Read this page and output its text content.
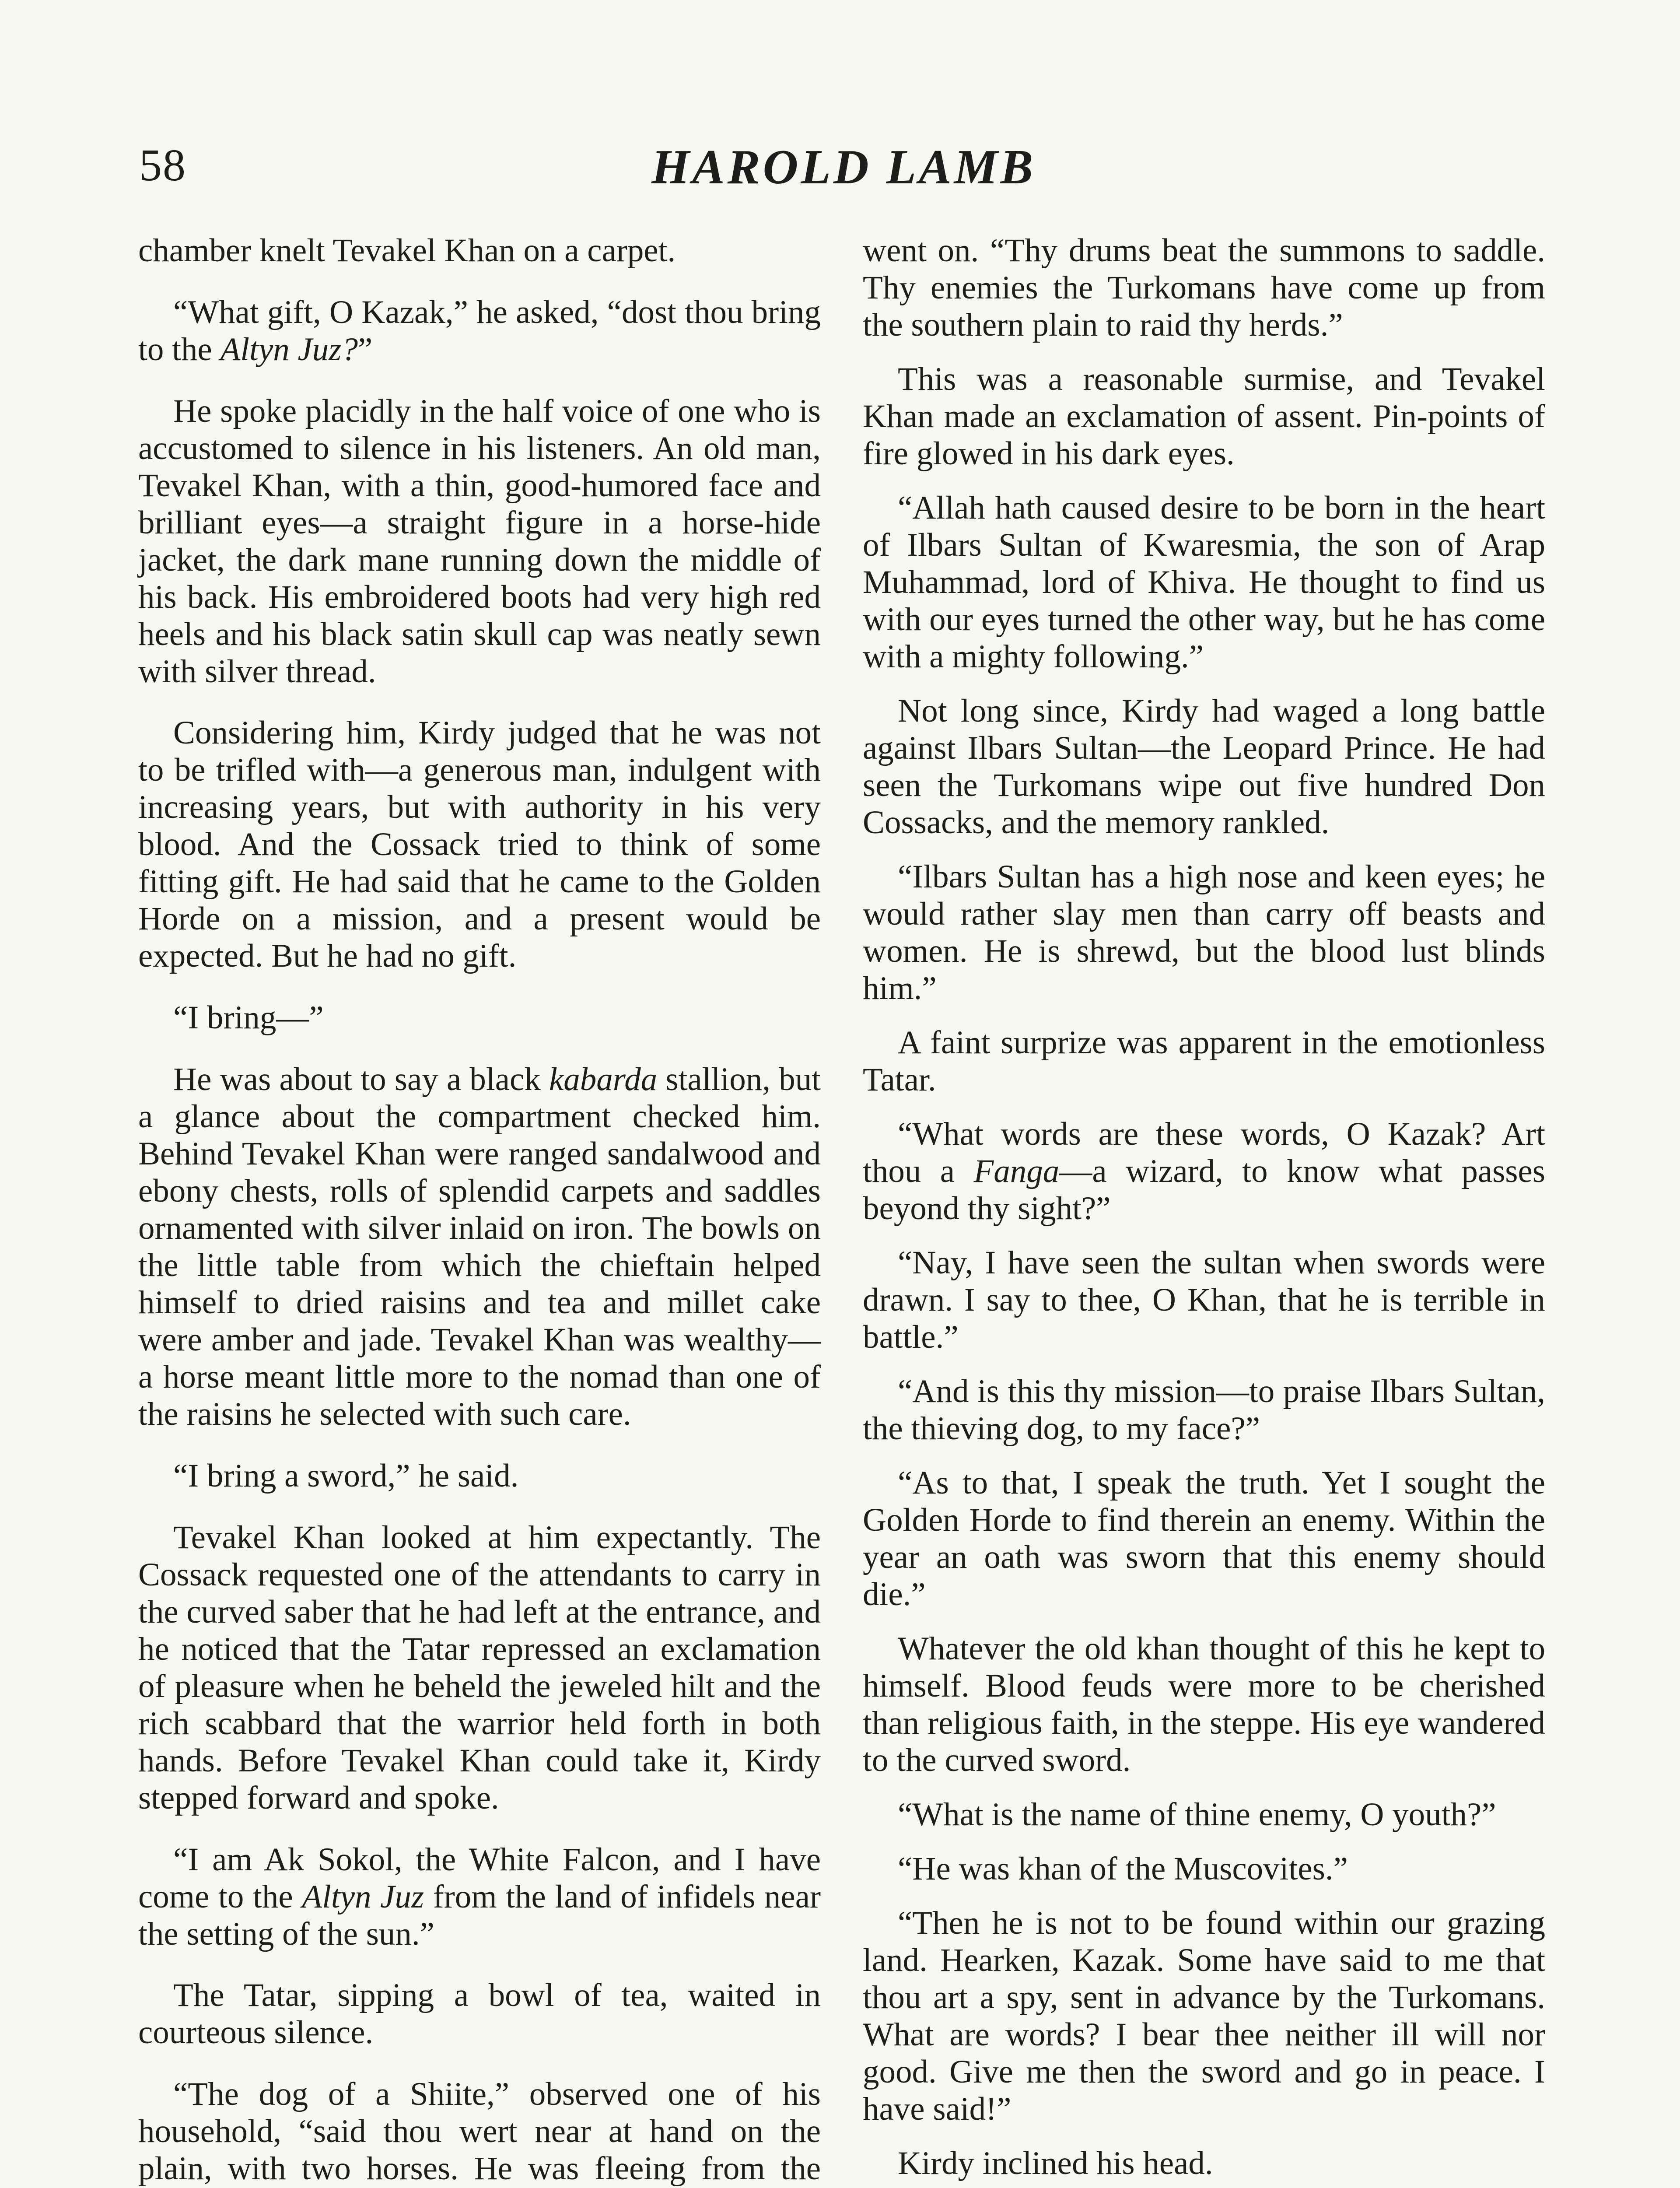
58	HAROLD LAMB

chamber knelt Tevakel Khan on a carpet.

“What gift, O Kazak,” he asked, “dost thou bring to the Altyn Juz?”

He spoke placidly in the half voice of one who is accustomed to silence in his listeners. An old man, Tevakel Khan, with a thin, good-humored face and brilliant eyes—a straight figure in a horse-hide jacket, the dark mane running down the middle of his back. His embroidered boots had very high red heels and his black satin skull cap was neatly sewn with silver thread.

Considering him, Kirdy judged that he was not to be trifled with—a generous man, indulgent with increasing years, but with authority in his very blood. And the Cossack tried to think of some fitting gift. He had said that he came to the Golden Horde on a mission, and a present would be expected. But he had no gift.

“I bring—”

He was about to say a black kabarda stallion, but a glance about the compartment checked him. Behind Tevakel Khan were ranged sandalwood and ebony chests, rolls of splendid carpets and saddles ornamented with silver inlaid on iron. The bowls on the little table from which the chieftain helped himself to dried raisins and tea and millet cake were amber and jade. Tevakel Khan was wealthy—a horse meant little more to the nomad than one of the raisins he selected with such care.

“I bring a sword,” he said.

Tevakel Khan looked at him expectantly. The Cossack requested one of the attendants to carry in the curved saber that he had left at the entrance, and he noticed that the Tatar repressed an exclamation of pleasure when he beheld the jeweled hilt and the rich scabbard that the warrior held forth in both hands. Before Tevakel Khan could take it, Kirdy stepped forward and spoke.

“I am Ak Sokol, the White Falcon, and I have come to the Altyn Juz from the land of infidels near the setting of the sun.”

The Tatar, sipping a bowl of tea, waited in courteous silence.

“The dog of a Shiite,” observed one of his household, “said thou wert near at hand on the plain, with two horses. He was fleeing from the

went on. “Thy drums beat the summons to saddle. Thy enemies the Turkomans have come up from the southern plain to raid thy herds.”

This was a reasonable surmise, and Tevakel Khan made an exclamation of assent. Pin-points of fire glowed in his dark eyes.

“Allah hath caused desire to be born in the heart of Ilbars Sultan of Kwaresmia, the son of Arap Muhammad, lord of Khiva. He thought to find us with our eyes turned the other way, but he has come with a mighty following.”

Not long since, Kirdy had waged a long battle against Ilbars Sultan—the Leopard Prince. He had seen the Turkomans wipe out five hundred Don Cossacks, and the memory rankled.

“Ilbars Sultan has a high nose and keen eyes; he would rather slay men than carry off beasts and women. He is shrewd, but the blood lust blinds him.”

A faint surprize was apparent in the emotionless Tatar.

“What words are these words, O Kazak? Art thou a Fanga—a wizard, to know what passes beyond thy sight?”

“Nay, I have seen the sultan when swords were drawn. I say to thee, O Khan, that he is terrible in battle.”

“And is this thy mission—to praise Ilbars Sultan, the thieving dog, to my face?”

“As to that, I speak the truth. Yet I sought the Golden Horde to find therein an enemy. Within the year an oath was sworn that this enemy should die.”

Whatever the old khan thought of this he kept to himself. Blood feuds were more to be cherished than religious faith, in the steppe. His eye wandered to the curved sword.

“What is the name of thine enemy, O youth?”

“He was khan of the Muscovites.”

“Then he is not to be found within our grazing land. Hearken, Kazak. Some have said to me that thou art a spy, sent in advance by the Turkomans. What are words? I bear thee neither ill will nor good. Give me then the sword and go in peace. I have said!”

Kirdy inclined his head.
